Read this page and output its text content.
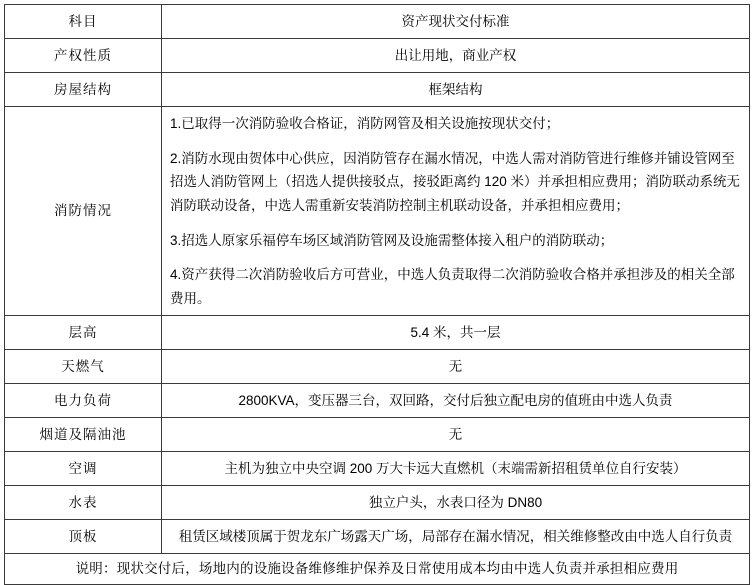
科目	资产现状交付标准
产权性质	出让用地，商业产权
房屋结构	框架结构
消防情况	1.已取得一次消防验收合格证，消防网管及相关设施按现状交付；

2.消防水现由贺体中心供应，因消防管存在漏水情况，中选人需对消防管进行维修并铺设管网至招选人消防管网上（招选人提供接驳点，接驳距离约 120 米）并承担相应费用；消防联动系统无消防联动设备，中选人需重新安装消防控制主机联动设备，并承担相应费用；

3.招选人原家乐福停车场区域消防管网及设施需整体接入租户的消防联动；

4.资产获得二次消防验收后方可营业，中选人负责取得二次消防验收合格并承担涉及的相关全部费用。

层高	5.4 米，共一层
天燃气	无
电力负荷	2800KVA，变压器三台，双回路，交付后独立配电房的值班由中选人负责
烟道及隔油池	无
空调	主机为独立中央空调 200 万大卡远大直燃机（末端需新招租赁单位自行安装）
水表	独立户头，水表口径为 DN80
顶板	租赁区域楼顶属于贺龙东广场露天广场，局部存在漏水情况，相关维修整改由中选人自行负责
说明：现状交付后，场地内的设施设备维修维护保养及日常使用成本均由中选人负责并承担相应费用	
